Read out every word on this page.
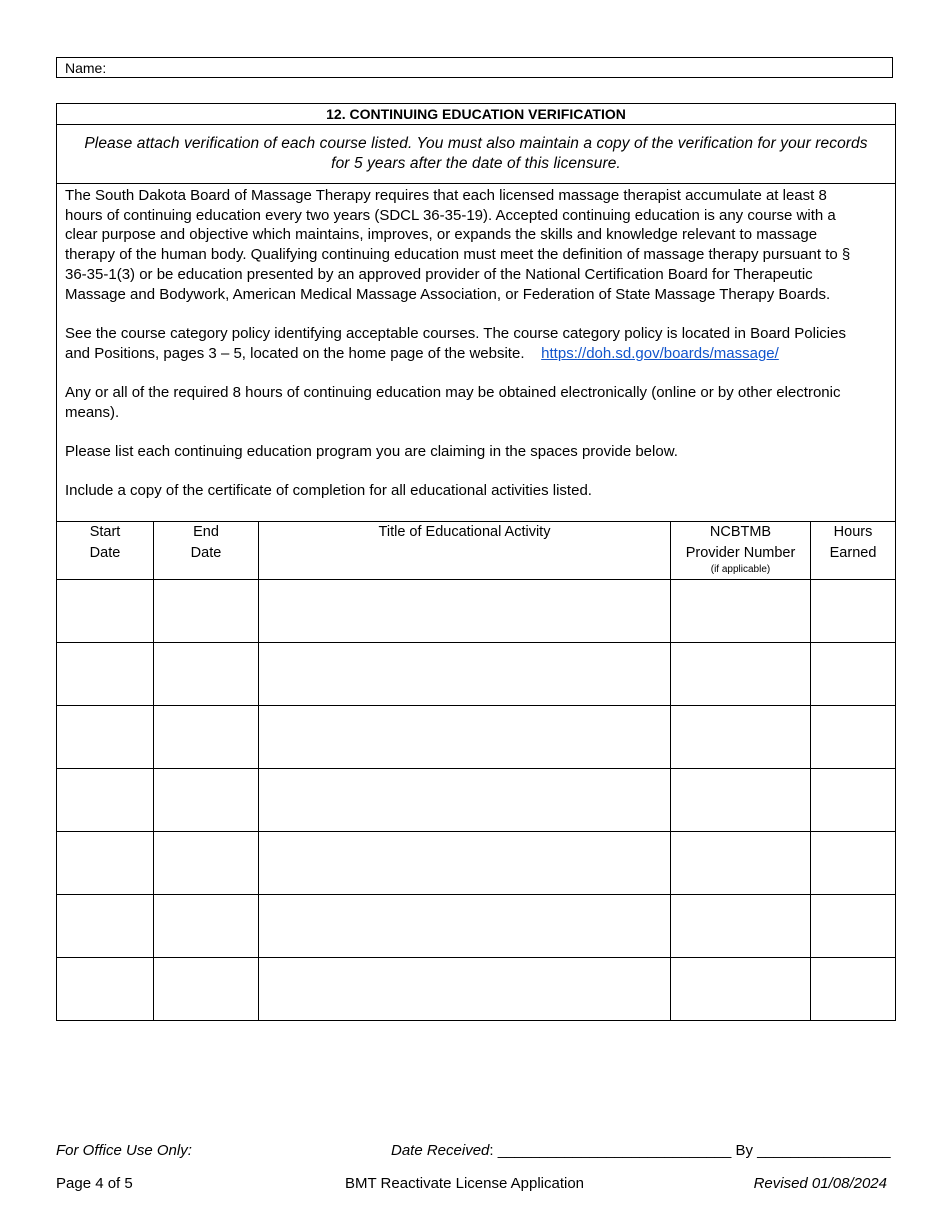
Name:
12. CONTINUING EDUCATION VERIFICATION				
Please attach verification of each course listed. You must also maintain a copy of the verification for your records
for 5 years after the date of this licensure.				

The South Dakota Board of Massage Therapy requires that each licensed massage therapist accumulate at least 8 hours of continuing education every two years (SDCL 36-35-19). Accepted continuing education is any course with a clear purpose and objective which maintains, improves, or expands the skills and knowledge relevant to massage therapy of the human body. Qualifying continuing education must meet the definition of massage therapy pursuant to § 36-35-1(3) or be education presented by an approved provider of the National Certification Board for Therapeutic Massage and Bodywork, American Medical Massage Association, or Federation of State Massage Therapy Boards.

See the course category policy identifying acceptable courses. The course category policy is located in Board Policies and Positions, pages 3 – 5, located on the home page of the website. https://doh.sd.gov/boards/massage/

Any or all of the required 8 hours of continuing education may be obtained electronically (online or by other electronic means).

Please list each continuing education program you are claiming in the spaces provide below.

Include a copy of the certificate of completion for all educational activities listed.				

Start
Date	End
Date	Title of Educational Activity	NCBTMB
Provider Number
(if applicable)	Hours
Earned

For Office Use Only:	Date Received: ____________________________ By ________________
Page 4 of 5	BMT Reactivate License Application	Revised 01/08/2024
